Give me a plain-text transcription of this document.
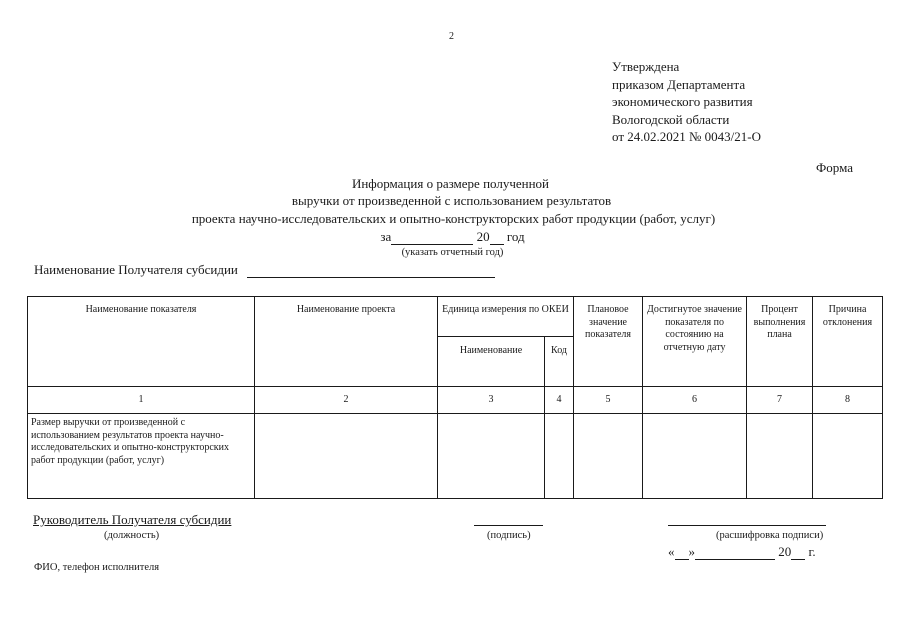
2
Утверждена
приказом Департамента
экономического развития
Вологодской области
от 24.02.2021 № 0043/21-О
Форма
Информация о размере полученной
выручки от произведенной с использованием результатов
проекта научно-исследовательских и опытно-конструкторских работ продукции (работ, услуг)
за	20 год
(указать отчетный год)
Наименование Получателя субсидии
Наименование показателя	Наименование проекта	Единица измерения по ОКЕИ		Плановое значение показателя	Достигнутое значение показателя по состоянию на отчетную дату	Процент выполнения плана	Причина отклонения
		Наименование	Код				
1	2	3	4	5	6	7	8
Размер выручки от произведенной с использованием результатов проекта научно-исследовательских и опытно-конструкторских работ продукции (работ, услуг)							
Руководитель Получателя субсидии
(должность)	(подпись)	(расшифровка подписи)
« »	20 г.
ФИО, телефон исполнителя
